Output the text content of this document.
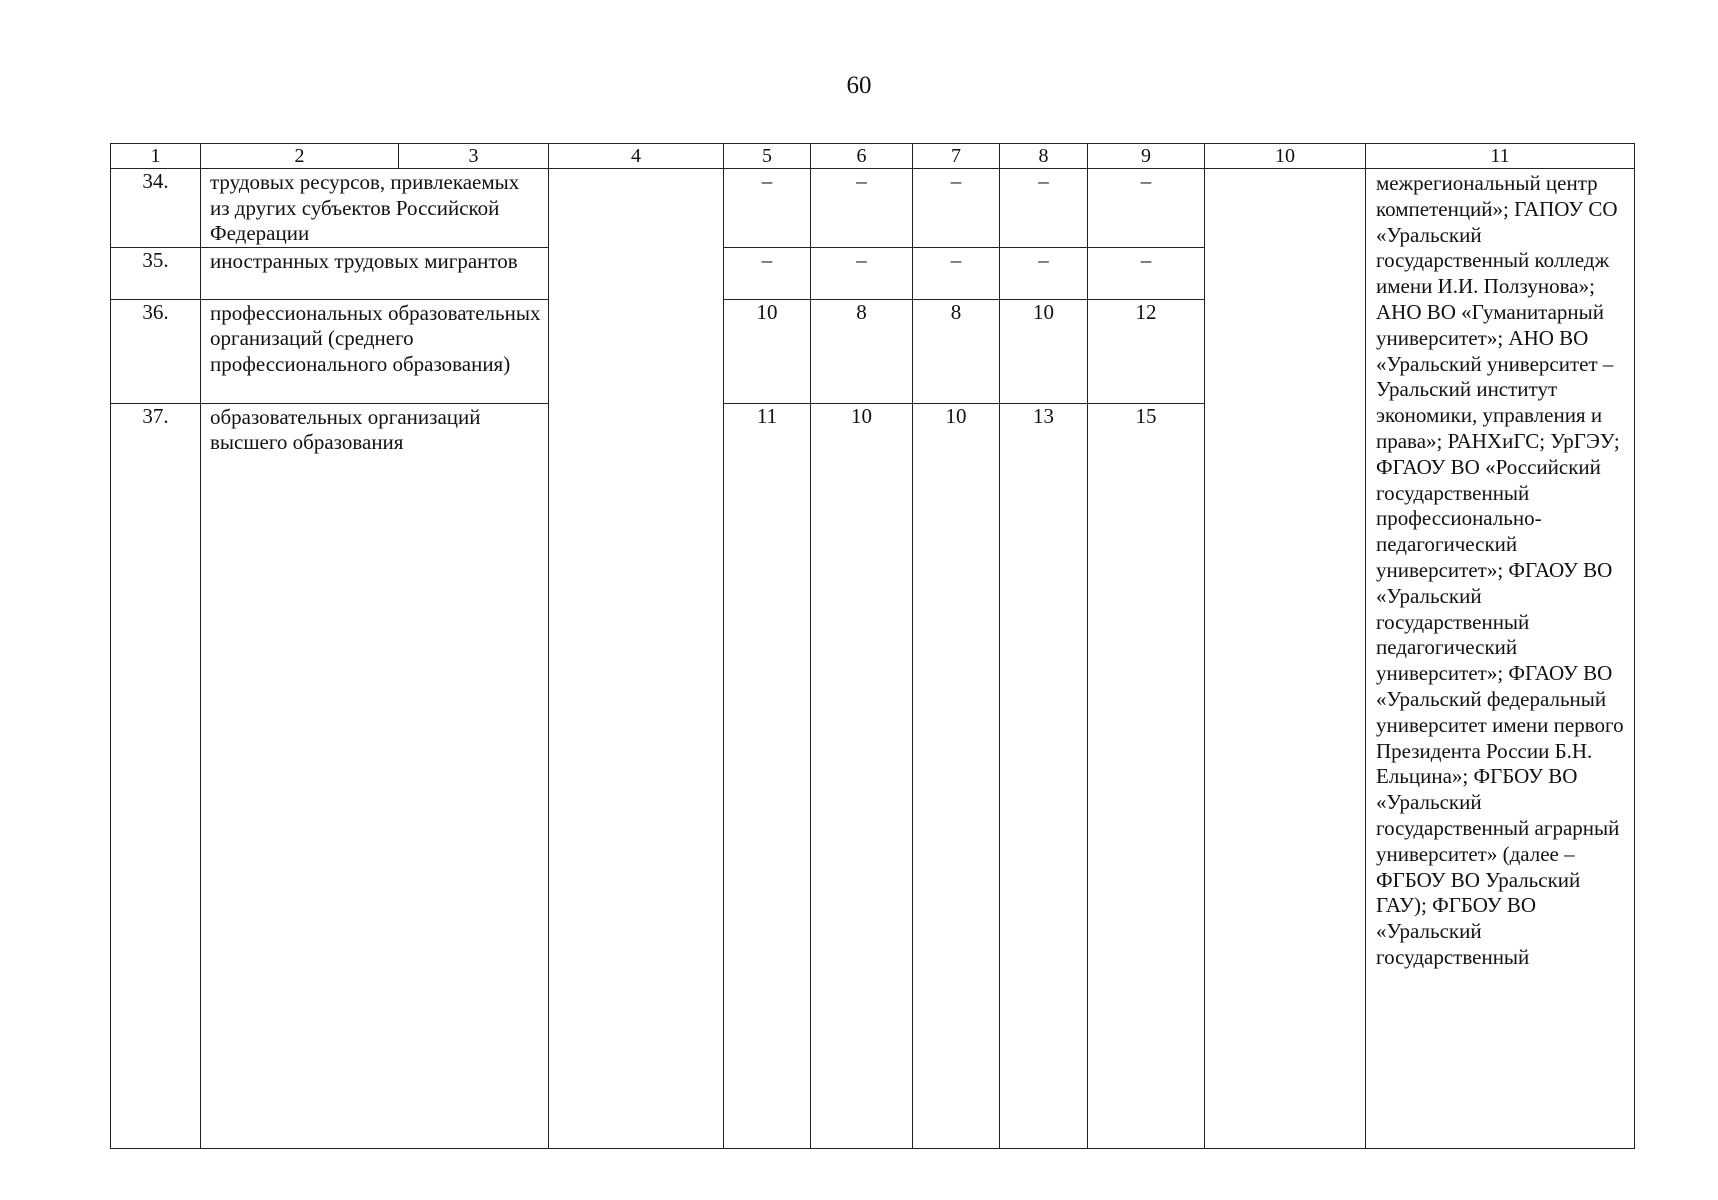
60
1	2	3	4	5	6	7	8	9	10	11
34.	трудовых ресурсов, привлекаемых из других субъектов Российской Федерации			–	–	–	–	–		межрегиональный центр компетенций»; ГАПОУ СО «Уральский государственный колледж имени И.И. Ползунова»; АНО ВО «Гуманитарный университет»; АНО ВО «Уральский университет – Уральский институт экономики, управления и права»; РАНХиГС; УрГЭУ; ФГАОУ ВО «Российский государственный профессионально-педагогический университет»; ФГАОУ ВО «Уральский государственный педагогический университет»; ФГАОУ ВО «Уральский федеральный университет имени первого Президента России Б.Н. Ельцина»; ФГБОУ ВО «Уральский государственный аграрный университет» (далее – ФГБОУ ВО Уральский ГАУ); ФГБОУ ВО «Уральский государственный
35.	иностранных трудовых мигрантов			–	–	–	–	–		
36.	профессиональных образовательных организаций (среднего профессионального образования)			10	8	8	10	12		
37.	образовательных организаций высшего образования			11	10	10	13	15		
